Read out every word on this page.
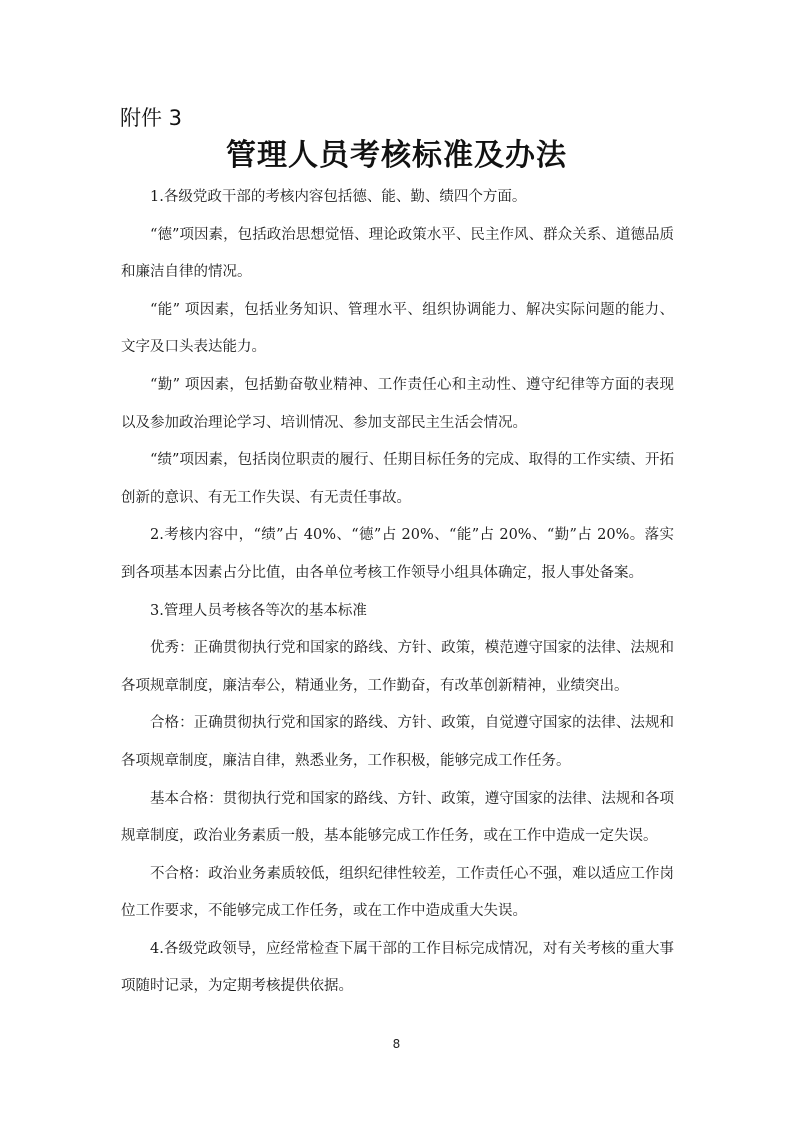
附件 3
管理人员考核标准及办法

1.各级党政干部的考核内容包括德、能、勤、绩四个方面。

“德”项因素，包括政治思想觉悟、理论政策水平、民主作风、群众关系、道德品质和廉洁自律的情况。

“能” 项因素，包括业务知识、管理水平、组织协调能力、解决实际问题的能力、文字及口头表达能力。

“勤” 项因素，包括勤奋敬业精神、工作责任心和主动性、遵守纪律等方面的表现以及参加政治理论学习、培训情况、参加支部民主生活会情况。

“绩”项因素，包括岗位职责的履行、任期目标任务的完成、取得的工作实绩、开拓创新的意识、有无工作失误、有无责任事故。

2.考核内容中，“绩”占 40%、“德”占 20%、“能”占 20%、“勤”占 20%。落实到各项基本因素占分比值，由各单位考核工作领导小组具体确定，报人事处备案。

3.管理人员考核各等次的基本标准

优秀：正确贯彻执行党和国家的路线、方针、政策，模范遵守国家的法律、法规和各项规章制度，廉洁奉公，精通业务，工作勤奋，有改革创新精神，业绩突出。

合格：正确贯彻执行党和国家的路线、方针、政策，自觉遵守国家的法律、法规和各项规章制度，廉洁自律，熟悉业务，工作积极，能够完成工作任务。

基本合格：贯彻执行党和国家的路线、方针、政策，遵守国家的法律、法规和各项规章制度，政治业务素质一般，基本能够完成工作任务，或在工作中造成一定失误。

不合格：政治业务素质较低，组织纪律性较差，工作责任心不强，难以适应工作岗位工作要求，不能够完成工作任务，或在工作中造成重大失误。

4.各级党政领导，应经常检查下属干部的工作目标完成情况，对有关考核的重大事项随时记录，为定期考核提供依据。

8
